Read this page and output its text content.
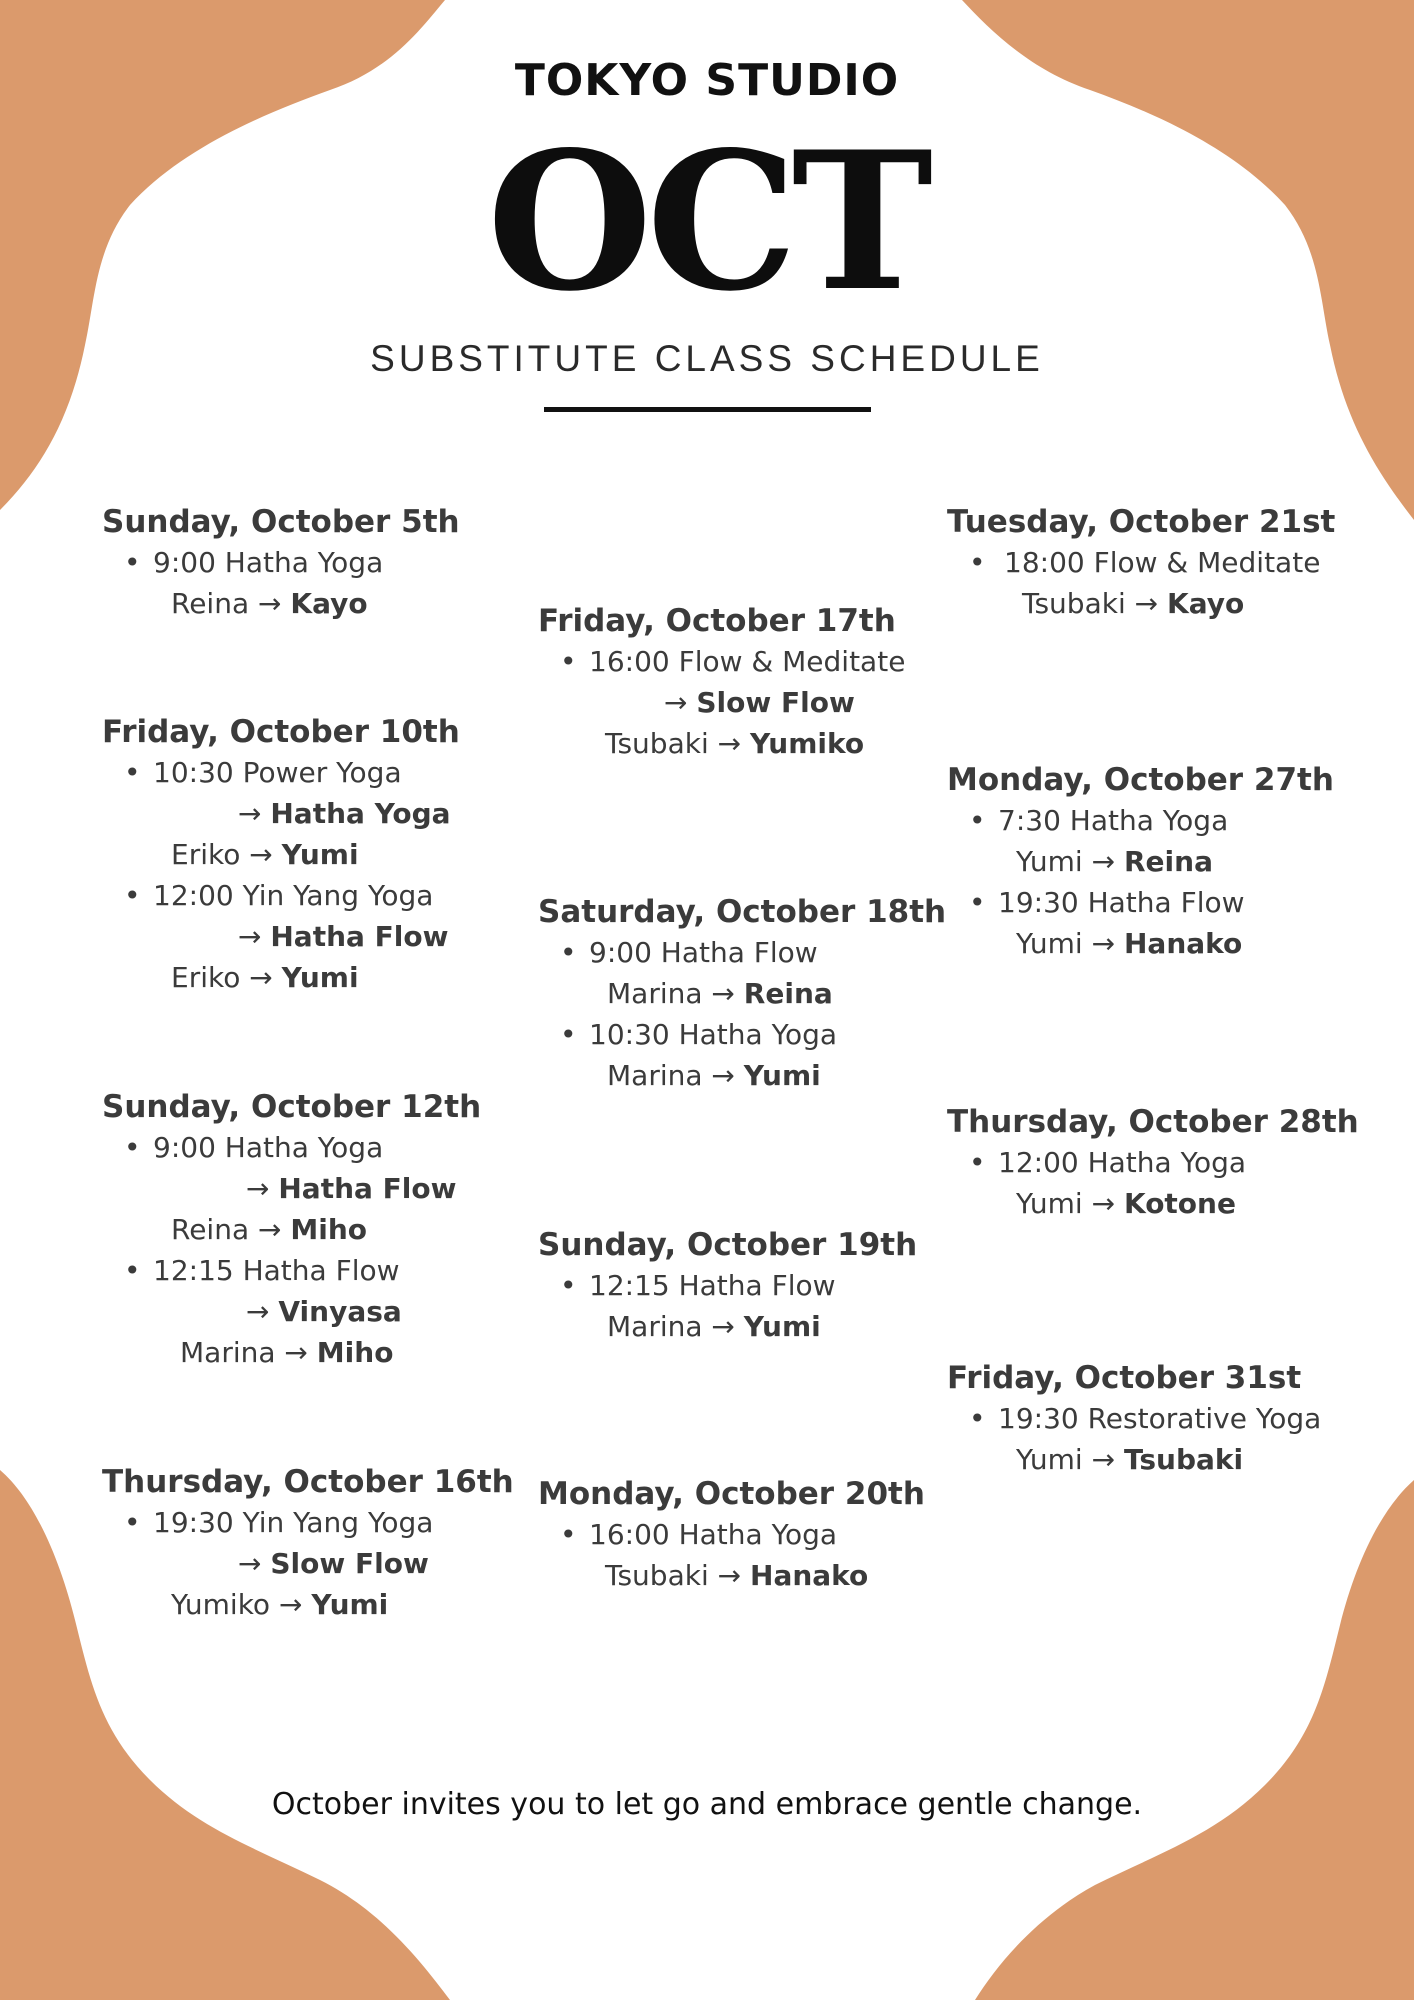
TOKYO STUDIO
OCT
SUBSTITUTE CLASS SCHEDULE
Sunday, October 5th
• 9:00 Hatha Yoga
Reina → Kayo
Friday, October 10th
• 10:30 Power Yoga
→ Hatha Yoga
Eriko → Yumi
• 12:00 Yin Yang Yoga
→ Hatha Flow
Eriko → Yumi
Sunday, October 12th
• 9:00 Hatha Yoga
→ Hatha Flow
Reina → Miho
• 12:15 Hatha Flow
→ Vinyasa
Marina → Miho
Thursday, October 16th
• 19:30 Yin Yang Yoga
→ Slow Flow
Yumiko → Yumi
Friday, October 17th
• 16:00 Flow & Meditate
→ Slow Flow
Tsubaki → Yumiko
Saturday, October 18th
• 9:00 Hatha Flow
Marina → Reina
• 10:30 Hatha Yoga
Marina → Yumi
Sunday, October 19th
• 12:15 Hatha Flow
Marina → Yumi
Monday, October 20th
• 16:00 Hatha Yoga
Tsubaki → Hanako
Tuesday, October 21st
• 18:00 Flow & Meditate
Tsubaki → Kayo
Monday, October 27th
• 7:30 Hatha Yoga
Yumi → Reina
• 19:30 Hatha Flow
Yumi → Hanako
Thursday, October 28th
• 12:00 Hatha Yoga
Yumi → Kotone
Friday, October 31st
• 19:30 Restorative Yoga
Yumi → Tsubaki
October invites you to let go and embrace gentle change.
